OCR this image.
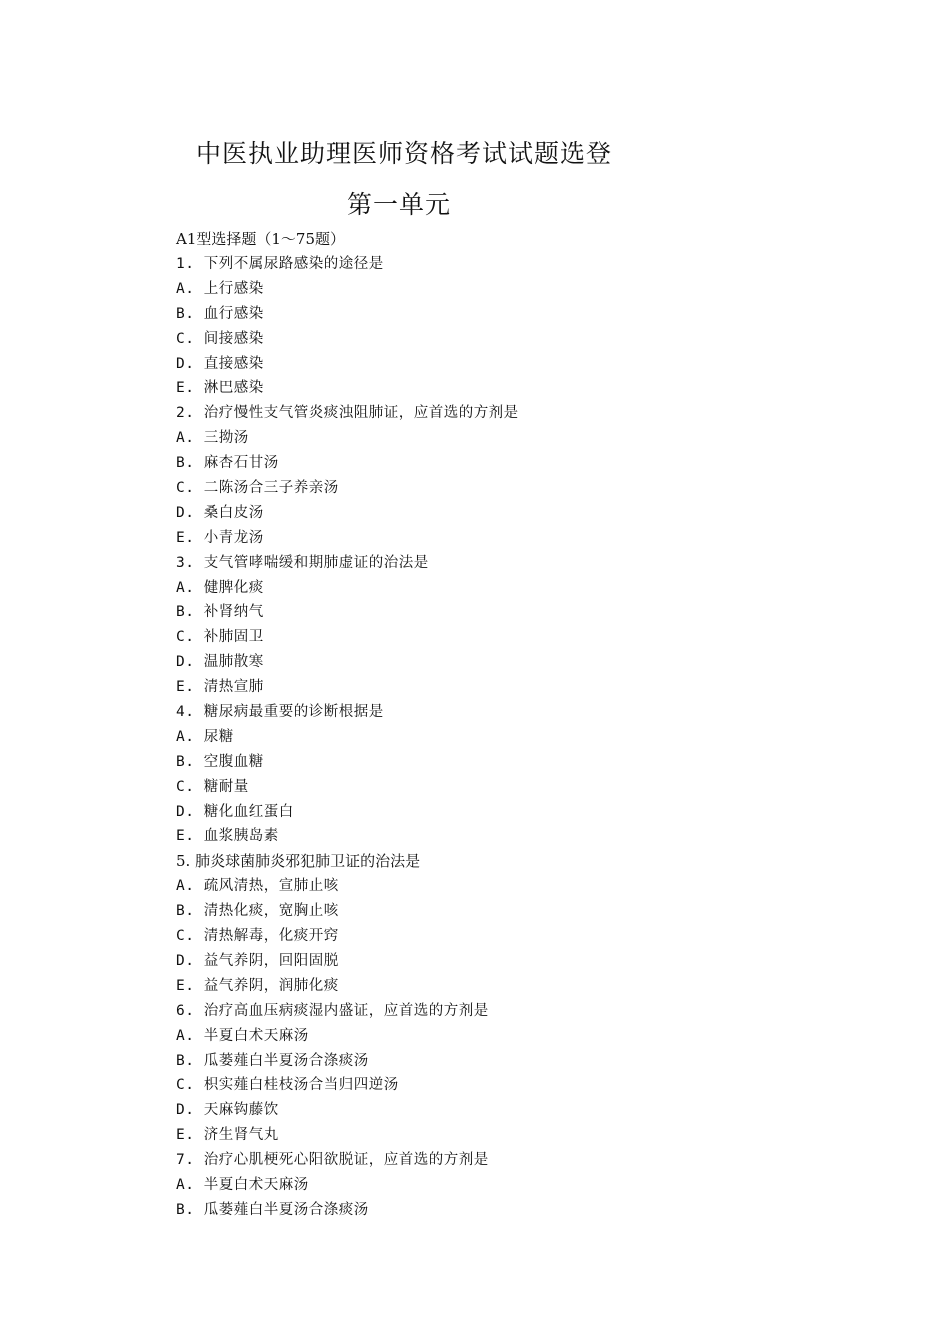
中医执业助理医师资格考试试题选登
第一单元
A1型选择题（1～75题）
1. 下列不属尿路感染的途径是
A. 上行感染
B. 血行感染
C. 间接感染
D. 直接感染
E. 淋巴感染
2. 治疗慢性支气管炎痰浊阻肺证，应首选的方剂是
A. 三拗汤
B. 麻杏石甘汤
C. 二陈汤合三子养亲汤
D. 桑白皮汤
E. 小青龙汤
3. 支气管哮喘缓和期肺虚证的治法是
A. 健脾化痰
B. 补肾纳气
C. 补肺固卫
D. 温肺散寒
E. 清热宣肺
4. 糖尿病最重要的诊断根据是
A. 尿糖
B. 空腹血糖
C. 糖耐量
D. 糖化血红蛋白
E. 血浆胰岛素
5. 肺炎球菌肺炎邪犯肺卫证的治法是
A. 疏风清热，宣肺止咳
B. 清热化痰，宽胸止咳
C. 清热解毒，化痰开窍
D. 益气养阴，回阳固脱
E. 益气养阴，润肺化痰
6. 治疗高血压病痰湿内盛证，应首选的方剂是
A. 半夏白术天麻汤
B. 瓜蒌薤白半夏汤合涤痰汤
C. 枳实薤白桂枝汤合当归四逆汤
D. 天麻钩藤饮
E. 济生肾气丸
7. 治疗心肌梗死心阳欲脱证，应首选的方剂是
A. 半夏白术天麻汤
B. 瓜蒌薤白半夏汤合涤痰汤
